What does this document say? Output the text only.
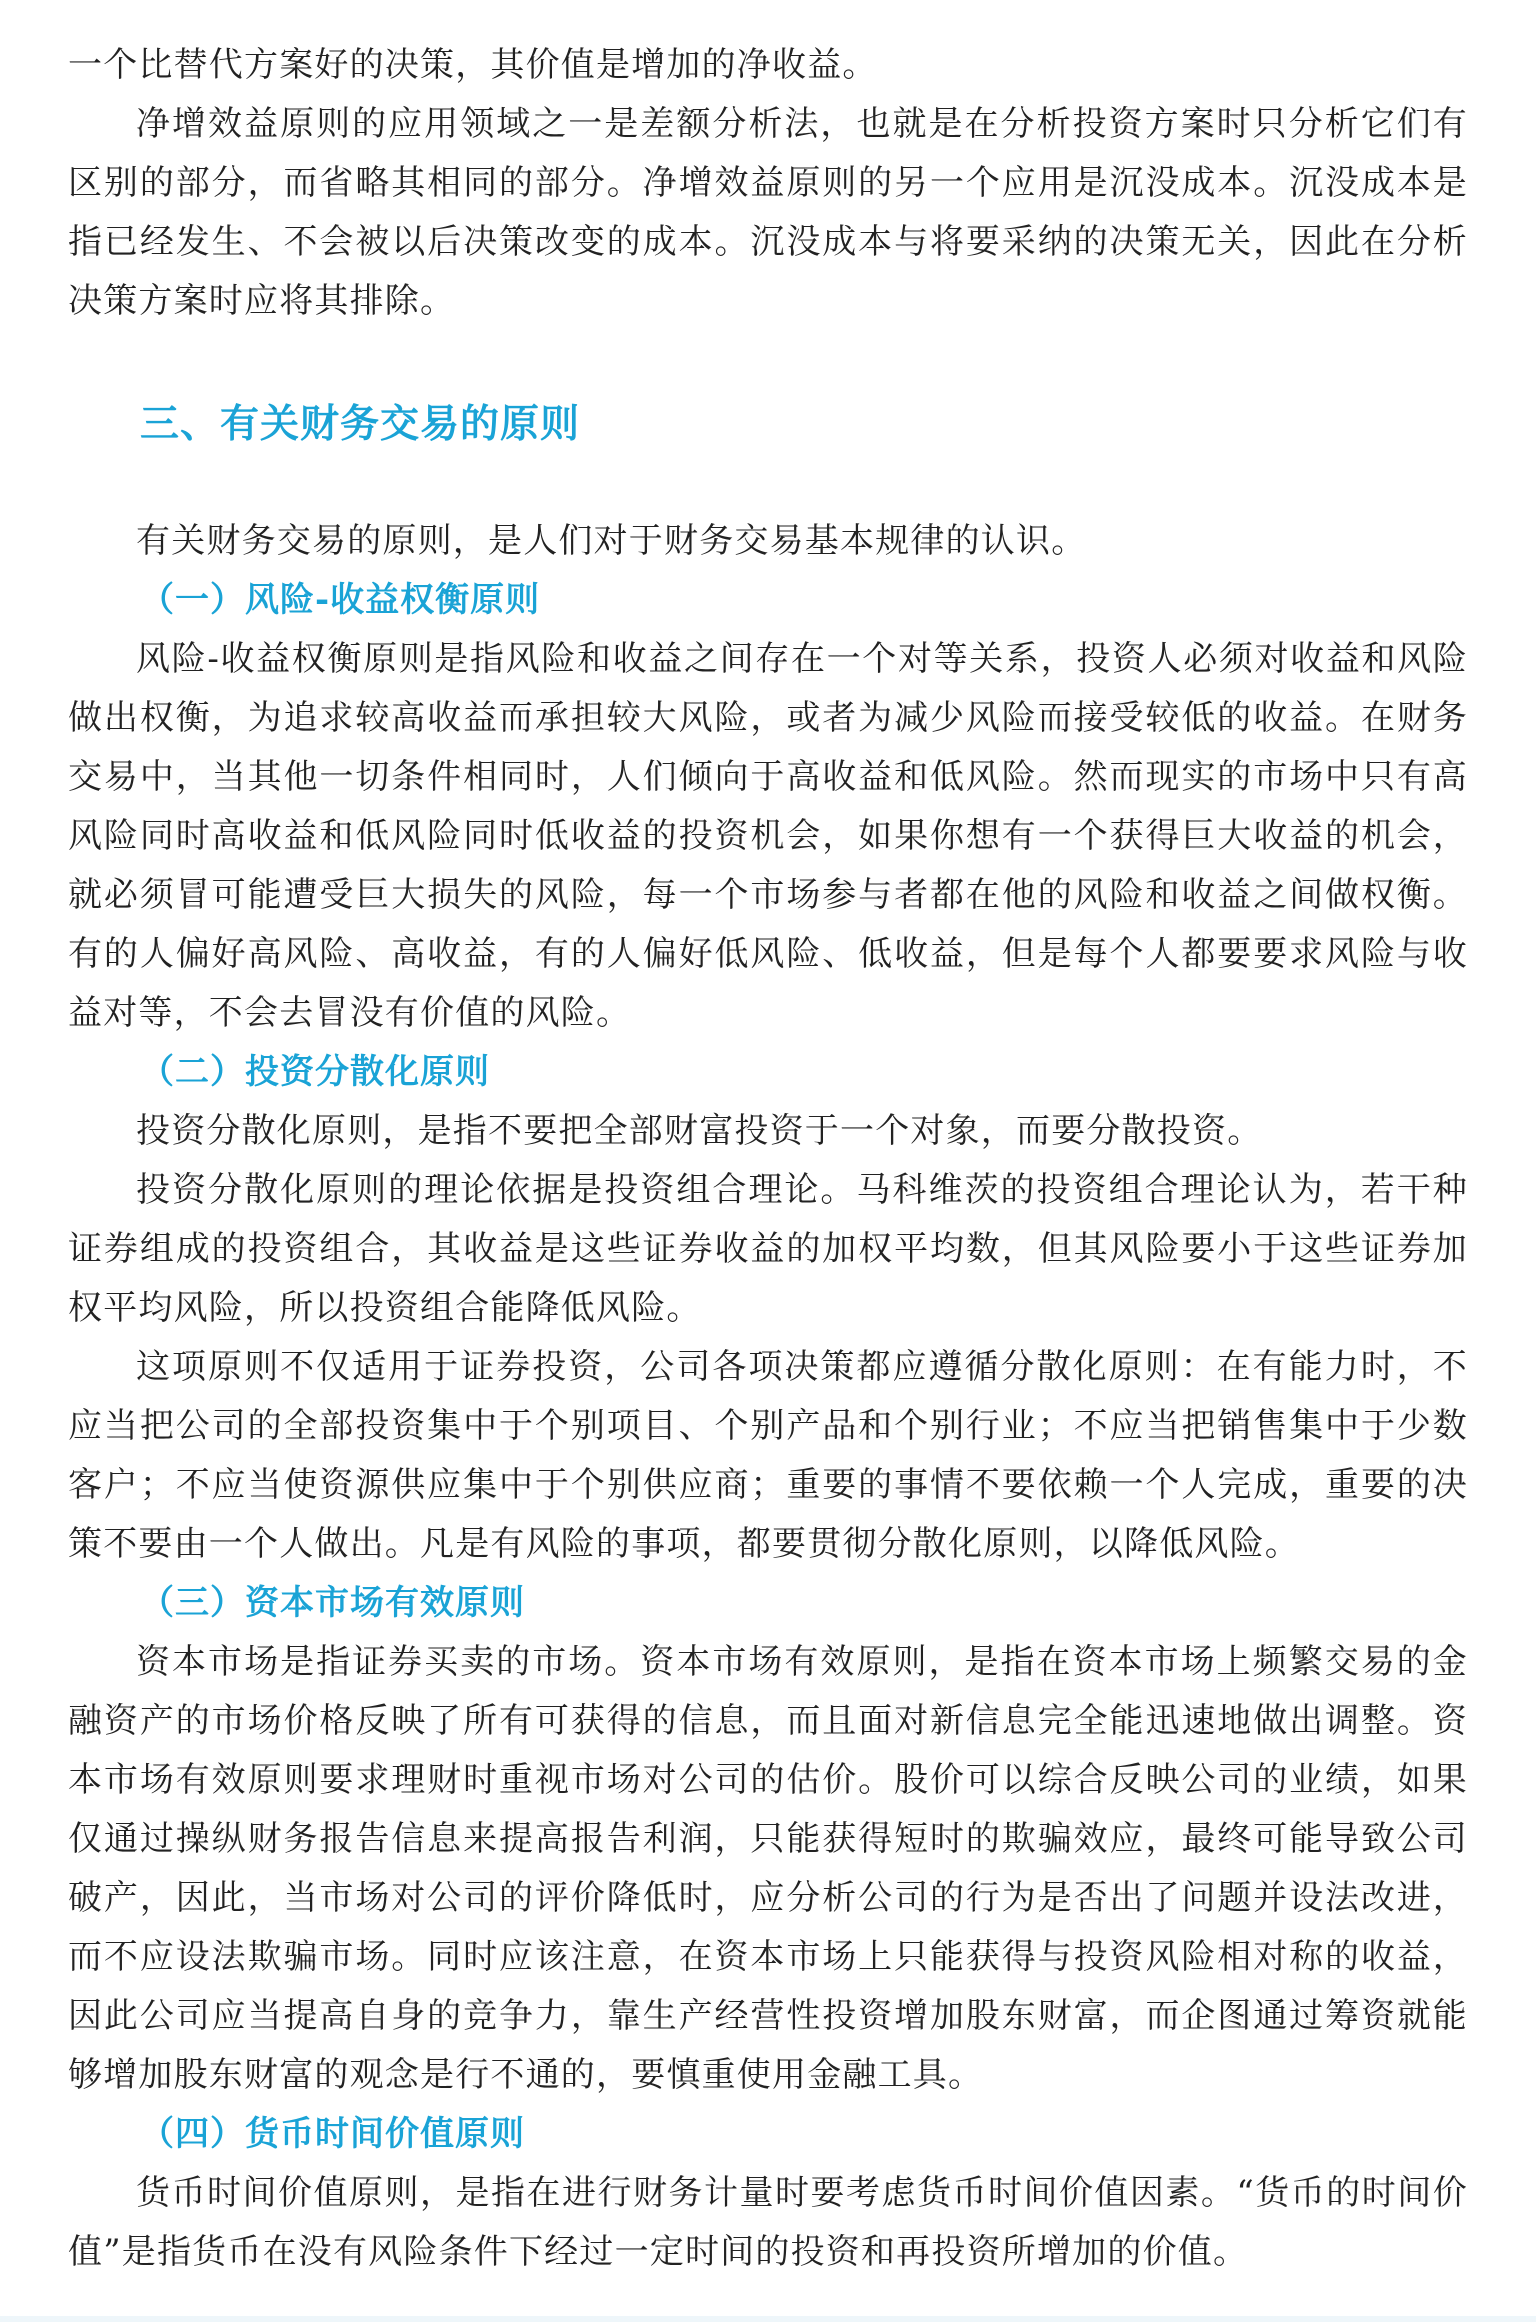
一个比替代方案好的决策，其价值是增加的净收益。

净增效益原则的应用领域之一是差额分析法，也就是在分析投资方案时只分析它们有区别的部分，而省略其相同的部分。净增效益原则的另一个应用是沉没成本。沉没成本是指已经发生、不会被以后决策改变的成本。沉没成本与将要采纳的决策无关，因此在分析决策方案时应将其排除。

三、有关财务交易的原则

有关财务交易的原则，是人们对于财务交易基本规律的认识。

（一）风险-收益权衡原则

风险-收益权衡原则是指风险和收益之间存在一个对等关系，投资人必须对收益和风险做出权衡，为追求较高收益而承担较大风险，或者为减少风险而接受较低的收益。在财务交易中，当其他一切条件相同时，人们倾向于高收益和低风险。然而现实的市场中只有高风险同时高收益和低风险同时低收益的投资机会，如果你想有一个获得巨大收益的机会，就必须冒可能遭受巨大损失的风险，每一个市场参与者都在他的风险和收益之间做权衡。有的人偏好高风险、高收益，有的人偏好低风险、低收益，但是每个人都要要求风险与收益对等，不会去冒没有价值的风险。

（二）投资分散化原则

投资分散化原则，是指不要把全部财富投资于一个对象，而要分散投资。

投资分散化原则的理论依据是投资组合理论。马科维茨的投资组合理论认为，若干种证券组成的投资组合，其收益是这些证券收益的加权平均数，但其风险要小于这些证券加权平均风险，所以投资组合能降低风险。

这项原则不仅适用于证券投资，公司各项决策都应遵循分散化原则：在有能力时，不应当把公司的全部投资集中于个别项目、个别产品和个别行业；不应当把销售集中于少数客户；不应当使资源供应集中于个别供应商；重要的事情不要依赖一个人完成，重要的决策不要由一个人做出。凡是有风险的事项，都要贯彻分散化原则，以降低风险。

（三）资本市场有效原则

资本市场是指证券买卖的市场。资本市场有效原则，是指在资本市场上频繁交易的金融资产的市场价格反映了所有可获得的信息，而且面对新信息完全能迅速地做出调整。资本市场有效原则要求理财时重视市场对公司的估价。股价可以综合反映公司的业绩，如果仅通过操纵财务报告信息来提高报告利润，只能获得短时的欺骗效应，最终可能导致公司破产，因此，当市场对公司的评价降低时，应分析公司的行为是否出了问题并设法改进，而不应设法欺骗市场。同时应该注意，在资本市场上只能获得与投资风险相对称的收益，因此公司应当提高自身的竞争力，靠生产经营性投资增加股东财富，而企图通过筹资就能够增加股东财富的观念是行不通的，要慎重使用金融工具。

（四）货币时间价值原则

货币时间价值原则，是指在进行财务计量时要考虑货币时间价值因素。“货币的时间价值”是指货币在没有风险条件下经过一定时间的投资和再投资所增加的价值。
